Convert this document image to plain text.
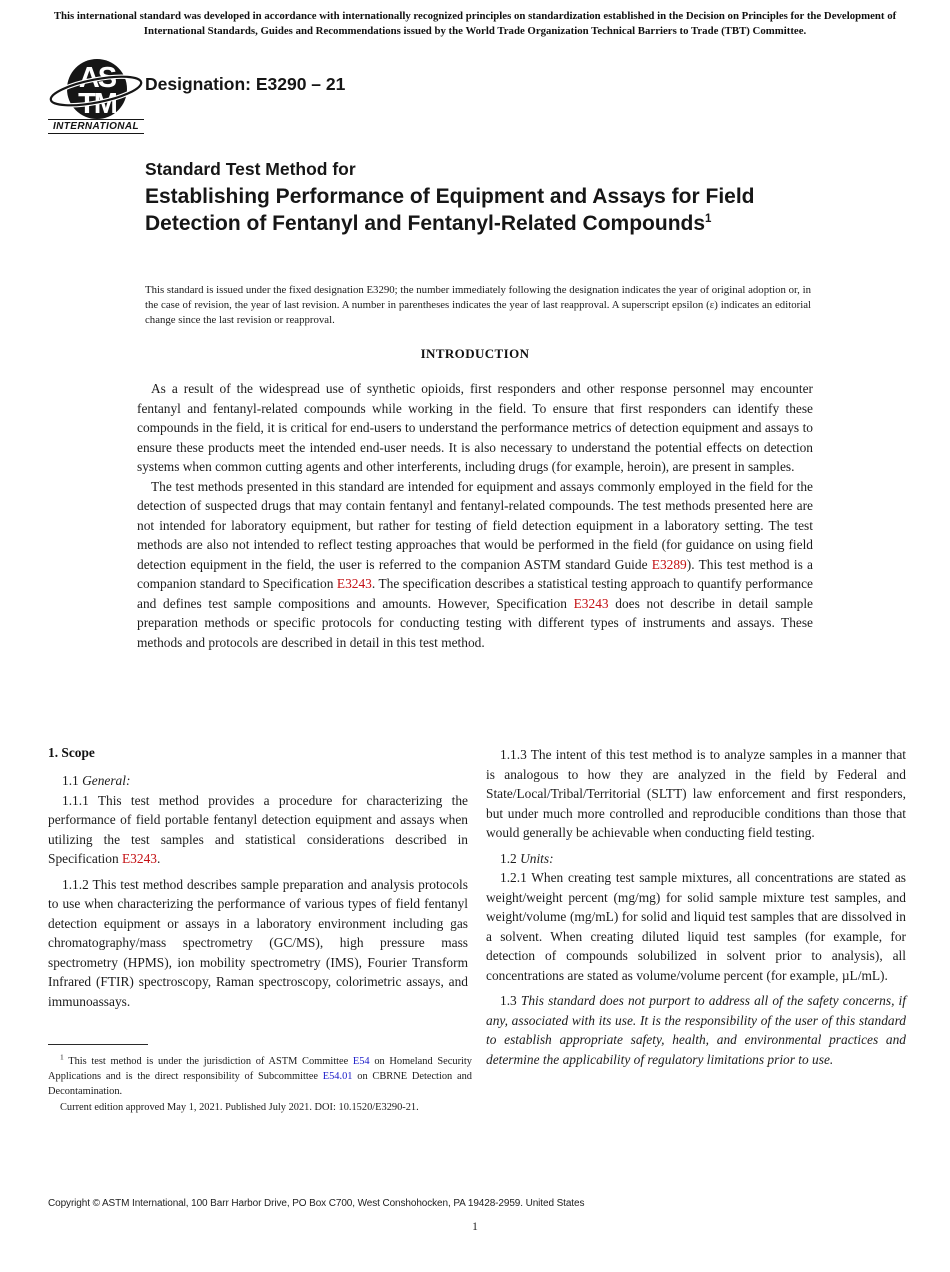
This international standard was developed in accordance with internationally recognized principles on standardization established in the Decision on Principles for the Development of International Standards, Guides and Recommendations issued by the World Trade Organization Technical Barriers to Trade (TBT) Committee.
AS
TM
INTERNATIONAL
Designation: E3290 – 21
Standard Test Method for
Establishing Performance of Equipment and Assays for Field Detection of Fentanyl and Fentanyl-Related Compounds$^1$

This standard is issued under the fixed designation E3290; the number immediately following the designation indicates the year of original adoption or, in the case of revision, the year of last revision. A number in parentheses indicates the year of last reapproval. A superscript epsilon (ε) indicates an editorial change since the last revision or reapproval.

INTRODUCTION

As a result of the widespread use of synthetic opioids, first responders and other response personnel may encounter fentanyl and fentanyl-related compounds while working in the field. To ensure that first responders can identify these compounds in the field, it is critical for end-users to understand the performance metrics of detection equipment and assays to ensure these products meet the intended end-user needs. It is also necessary to understand the potential effects on detection systems when common cutting agents and other interferents, including drugs (for example, heroin), are present in samples.

The test methods presented in this standard are intended for equipment and assays commonly employed in the field for the detection of suspected drugs that may contain fentanyl and fentanyl-related compounds. The test methods presented here are not intended for laboratory equipment, but rather for testing of field detection equipment in a laboratory setting. The test methods are also not intended to reflect testing approaches that would be performed in the field (for guidance on using field detection equipment in the field, the user is referred to the companion ASTM standard Guide E3289). This test method is a companion standard to Specification E3243. The specification describes a statistical testing approach to quantify performance and defines test sample compositions and amounts. However, Specification E3243 does not describe in detail sample preparation methods or specific protocols for conducting testing with different types of instruments and assays. These methods and protocols are described in detail in this test method.

1. Scope

1.1 General:

1.1.1 This test method provides a procedure for characterizing the performance of field portable fentanyl detection equipment and assays when utilizing the test samples and statistical considerations described in Specification E3243.

1.1.2 This test method describes sample preparation and analysis protocols to use when characterizing the performance of various types of field fentanyl detection equipment or assays in a laboratory environment including gas chromatography/mass spectrometry (GC/MS), high pressure mass spectrometry (HPMS), ion mobility spectrometry (IMS), Fourier Transform Infrared (FTIR) spectroscopy, Raman spectroscopy, colorimetric assays, and immunoassays.

1.1.3 The intent of this test method is to analyze samples in a manner that is analogous to how they are analyzed in the field by Federal and State/Local/Tribal/Territorial (SLTT) law enforcement and first responders, but under much more controlled and reproducible conditions than those that would generally be achievable when conducting field testing.

1.2 Units:

1.2.1 When creating test sample mixtures, all concentrations are stated as weight/weight percent (mg/mg) for solid sample mixture test samples, and weight/volume (mg/mL) for solid and liquid test samples that are dissolved in a solvent. When creating diluted liquid test samples (for example, for detection of compounds solubilized in solvent prior to analysis), all concentrations are stated as volume/volume percent (for example, µL/mL).

1.3 This standard does not purport to address all of the safety concerns, if any, associated with its use. It is the responsibility of the user of this standard to establish appropriate safety, health, and environmental practices and determine the applicability of regulatory limitations prior to use.

$^1$ This test method is under the jurisdiction of ASTM Committee E54 on Homeland Security Applications and is the direct responsibility of Subcommittee E54.01 on CBRNE Detection and Decontamination.

Current edition approved May 1, 2021. Published July 2021. DOI: 10.1520/E3290-21.

Copyright © ASTM International, 100 Barr Harbor Drive, PO Box C700, West Conshohocken, PA 19428-2959. United States
1
